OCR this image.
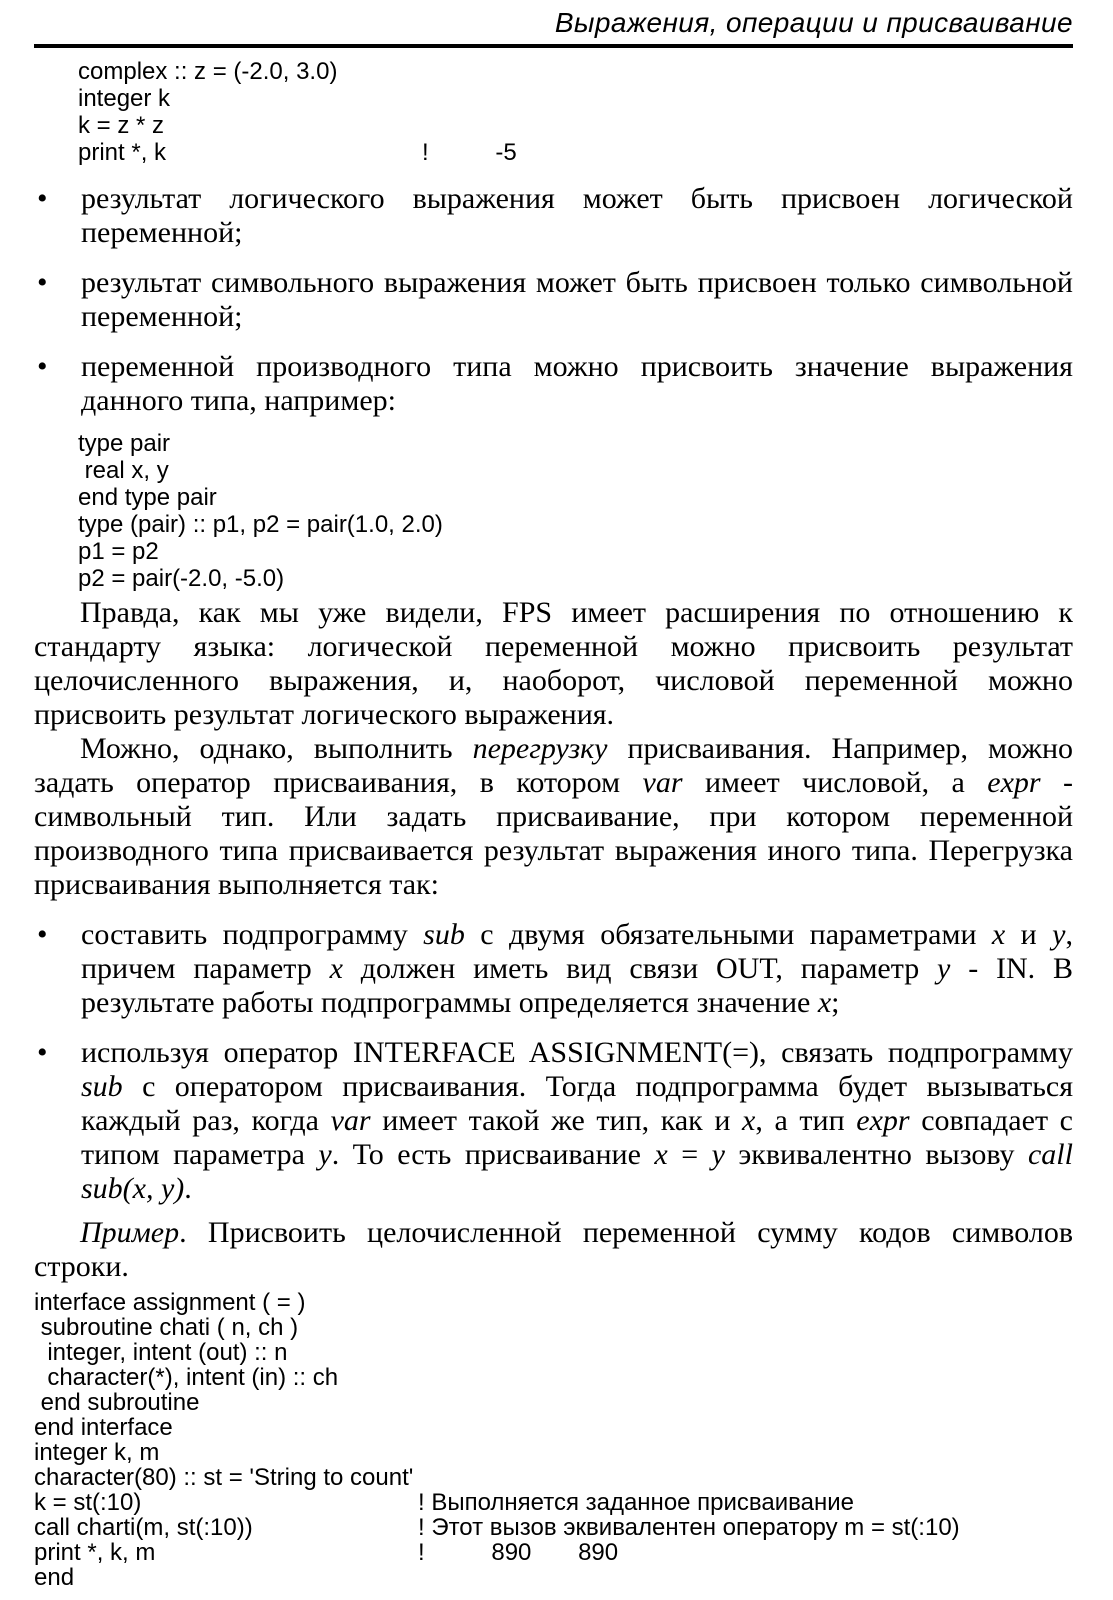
Выражения, операции и присваивание
complex :: z = (-2.0, 3.0)
integer k
k = z * z
print *, k	!          -5
•	результат логического выражения может быть присвоен логической переменной;
•	результат символьного выражения может быть присвоен только символьной переменной;
•	переменной производного типа можно присвоить значение выражения данного типа, например:
type pair
real x, y
end type pair
type (pair) :: p1, p2 = pair(1.0, 2.0)
p1 = p2
p2 = pair(-2.0, -5.0)

Правда, как мы уже видели, FPS имеет расширения по отношению к стандарту языка: логической переменной можно присвоить результат целочисленного выражения, и, наоборот, числовой переменной можно присвоить результат логического выражения.

Можно, однако, выполнить перегрузку присваивания. Например, можно задать оператор присваивания, в котором var имеет числовой, а expr - символьный тип. Или задать присваивание, при котором переменной производного типа присваивается результат выражения иного типа. Перегрузка присваивания выполняется так:

•	составить подпрограмму sub с двумя обязательными параметрами x и y, причем параметр x должен иметь вид связи OUT, параметр y - IN. В результате работы подпрограммы определяется значение x;
•	используя оператор INTERFACE ASSIGNMENT(=), связать подпрограмму sub с оператором присваивания. Тогда подпрограмма будет вызываться каждый раз, когда var имеет такой же тип, как и x, а тип expr совпадает с типом параметра y. То есть присваивание x = y эквивалентно вызову call sub(x, y).

Пример. Присвоить целочисленной переменной сумму кодов символов строки.

interface assignment ( = )
subroutine chati ( n, ch )
integer, intent (out) :: n
character(*), intent (in) :: ch
end subroutine
end interface
integer k, m
character(80) :: st = 'String to count'
k = st(:10)	! Выполняется заданное присваивание
call charti(m, st(:10))	! Этот вызов эквивалентен оператору m = st(:10)
print *, k, m	!          890       890
end
